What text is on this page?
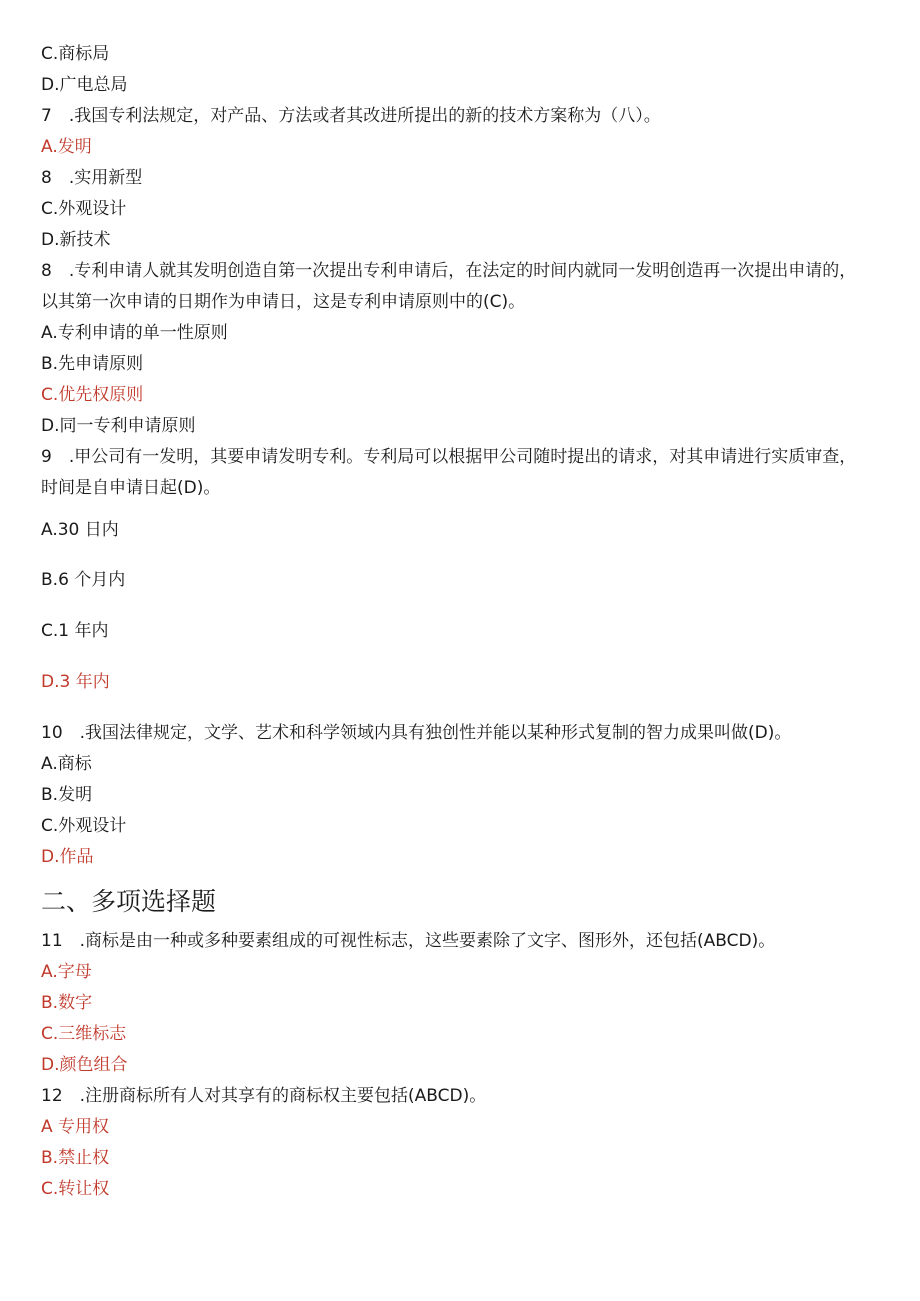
C.商标局
D.广电总局
7　.我国专利法规定，对产品、方法或者其改进所提出的新的技术方案称为（八）。
A.发明
8　.实用新型
C.外观设计
D.新技术
8　.专利申请人就其发明创造自第一次提出专利申请后，在法定的时间内就同一发明创造再一次提出申请的，以其第一次申请的日期作为申请日，这是专利申请原则中的(C)。
A.专利申请的单一性原则
B.先申请原则
C.优先权原则
D.同一专利申请原则
9　.甲公司有一发明，其要申请发明专利。专利局可以根据甲公司随时提出的请求，对其申请进行实质审查，时间是自申请日起(D)。
A.30 日内
B.6 个月内
C.1 年内
D.3 年内
10　.我国法律规定，文学、艺术和科学领域内具有独创性并能以某种形式复制的智力成果叫做(D)。
A.商标
B.发明
C.外观设计
D.作品
二、多项选择题
11　.商标是由一种或多种要素组成的可视性标志，这些要素除了文字、图形外，还包括(ABCD)。
A.字母
B.数字
C.三维标志
D.颜色组合
12　.注册商标所有人对其享有的商标权主要包括(ABCD)。
A 专用权
B.禁止权
C.转让权
